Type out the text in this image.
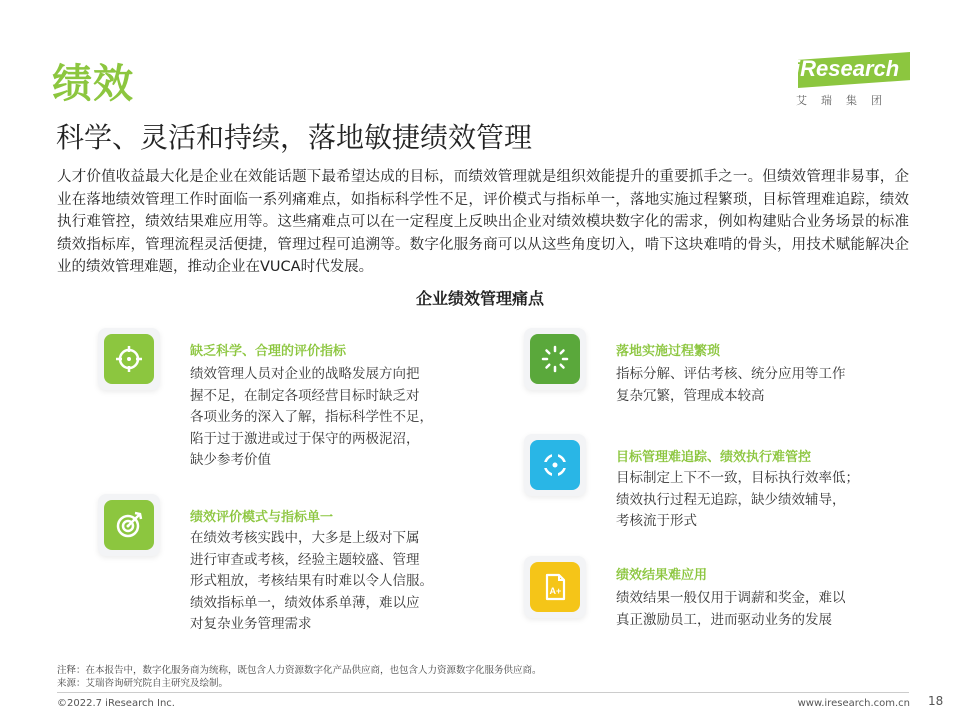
绩效
科学、灵活和持续，落地敏捷绩效管理
iResearch
艾瑞集团
人才价值收益最大化是企业在效能话题下最希望达成的目标，而绩效管理就是组织效能提升的重要抓手之一。但绩效管理非易事，企业在落地绩效管理工作时面临一系列痛难点，如指标科学性不足，评价模式与指标单一，落地实施过程繁琐，目标管理难追踪，绩效执行难管控，绩效结果难应用等。这些痛难点可以在一定程度上反映出企业对绩效模块数字化的需求，例如构建贴合业务场景的标准绩效指标库，管理流程灵活便捷，管理过程可追溯等。数字化服务商可以从这些角度切入，啃下这块难啃的骨头，用技术赋能解决企业的绩效管理难题，推动企业在VUCA时代发展。
企业绩效管理痛点
缺乏科学、合理的评价指标
绩效管理人员对企业的战略发展方向把
握不足，在制定各项经营目标时缺乏对
各项业务的深入了解，指标科学性不足，
陷于过于激进或过于保守的两极泥沼，
缺少参考价值
绩效评价模式与指标单一
在绩效考核实践中，大多是上级对下属
进行审查或考核，经验主题较盛、管理
形式粗放，考核结果有时难以令人信服。
绩效指标单一，绩效体系单薄，难以应
对复杂业务管理需求
落地实施过程繁琐
指标分解、评估考核、统分应用等工作
复杂冗繁，管理成本较高
目标管理难追踪、绩效执行难管控
目标制定上下不一致，目标执行效率低；
绩效执行过程无追踪，缺少绩效辅导，
考核流于形式
A+
绩效结果难应用
绩效结果一般仅用于调薪和奖金，难以
真正激励员工，进而驱动业务的发展
注释：在本报告中，数字化服务商为统称，既包含人力资源数字化产品供应商，也包含人力资源数字化服务供应商。
来源：艾瑞咨询研究院自主研究及绘制。
©2022.7 iResearch Inc.	www.iresearch.com.cn 18
